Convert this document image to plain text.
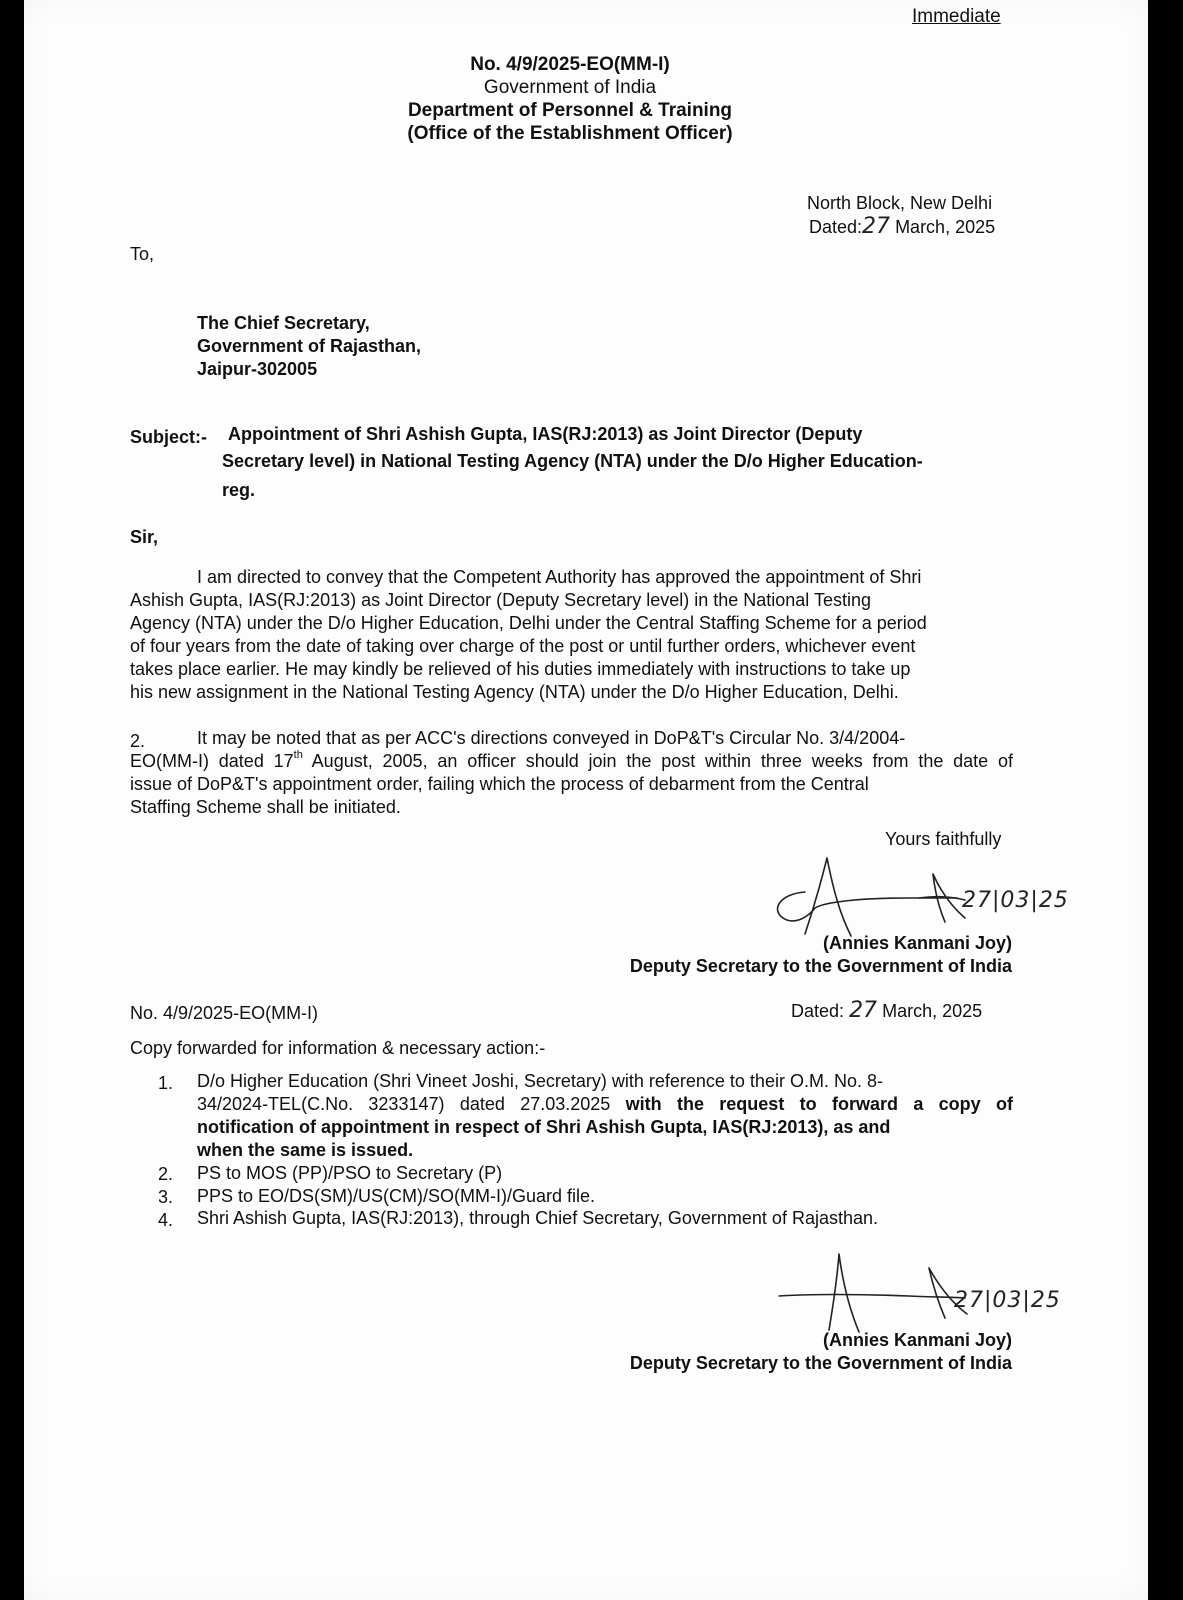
Immediate
No. 4/9/2025-EO(MM-I)
Government of India
Department of Personnel & Training
(Office of the Establishment Officer)
North Block, New Delhi
Dated:27 March, 2025
To,
The Chief Secretary,
Government of Rajasthan,
Jaipur-302005
Subject:- Appointment of Shri Ashish Gupta, IAS(RJ:2013) as Joint Director (Deputy
Secretary level) in National Testing Agency (NTA) under the D/o Higher Education-
reg.
Sir,
I am directed to convey that the Competent Authority has approved the appointment of Shri
Ashish Gupta, IAS(RJ:2013) as Joint Director (Deputy Secretary level) in the National Testing
Agency (NTA) under the D/o Higher Education, Delhi under the Central Staffing Scheme for a period
of four years from the date of taking over charge of the post or until further orders, whichever event
takes place earlier. He may kindly be relieved of his duties immediately with instructions to take up
his new assignment in the National Testing Agency (NTA) under the D/o Higher Education, Delhi.
2.	It may be noted that as per ACC's directions conveyed in DoP&T's Circular No. 3/4/2004-
EO(MM-I) dated 17th August, 2005, an officer should join the post within three weeks from the date of
issue of DoP&T's appointment order, failing which the process of debarment from the Central
Staffing Scheme shall be initiated.
Yours faithfully
27|03|25
(Annies Kanmani Joy)
Deputy Secretary to the Government of India
No. 4/9/2025-EO(MM-I)	Dated: 27 March, 2025
Copy forwarded for information & necessary action:-
1. D/o Higher Education (Shri Vineet Joshi, Secretary) with reference to their O.M. No. 8-
34/2024-TEL(C.No. 3233147) dated 27.03.2025 with the request to forward a copy of
notification of appointment in respect of Shri Ashish Gupta, IAS(RJ:2013), as and
when the same is issued.
2. PS to MOS (PP)/PSO to Secretary (P)
3. PPS to EO/DS(SM)/US(CM)/SO(MM-I)/Guard file.
4. Shri Ashish Gupta, IAS(RJ:2013), through Chief Secretary, Government of Rajasthan.
27|03|25
(Annies Kanmani Joy)
Deputy Secretary to the Government of India
